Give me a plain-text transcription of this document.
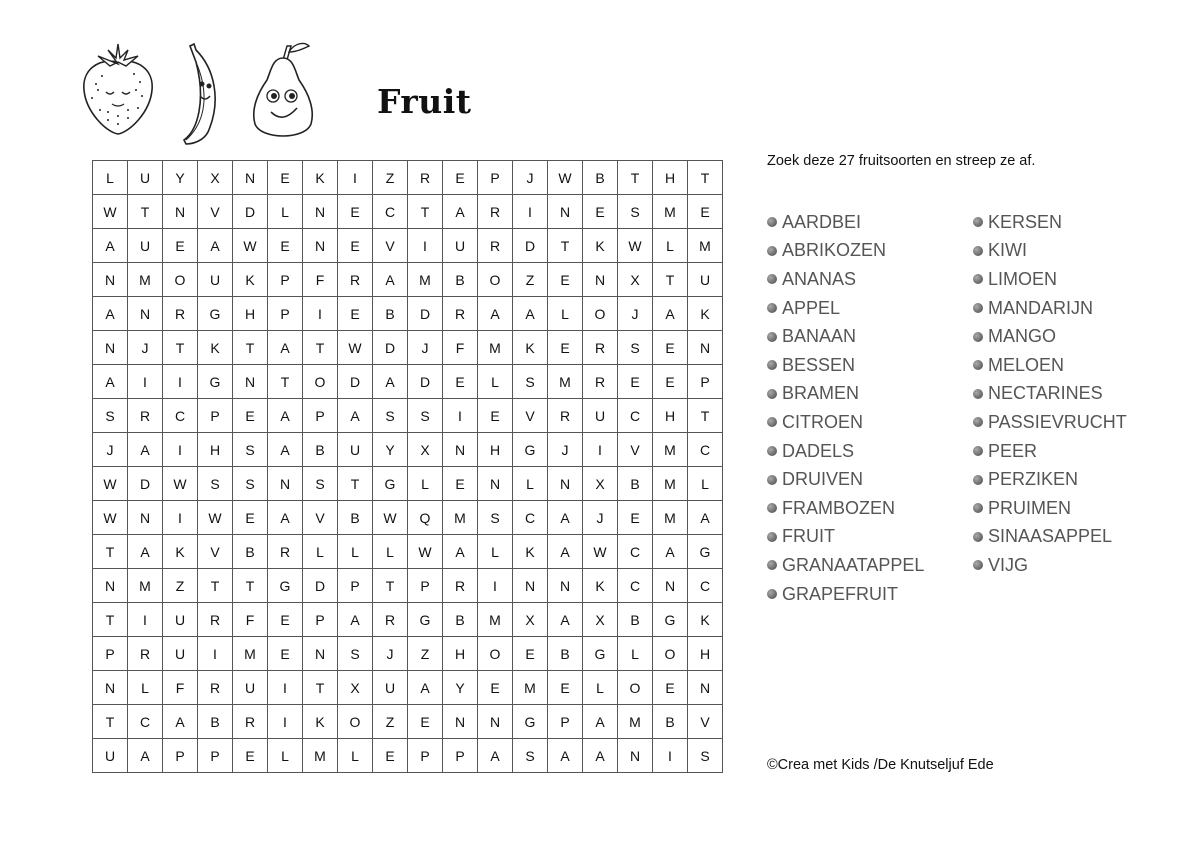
Fruit
L	U	Y	X	N	E	K	I	Z	R	E	P	J	W	B	T	H	T
W	T	N	V	D	L	N	E	C	T	A	R	I	N	E	S	M	E
A	U	E	A	W	E	N	E	V	I	U	R	D	T	K	W	L	M
N	M	O	U	K	P	F	R	A	M	B	O	Z	E	N	X	T	U
A	N	R	G	H	P	I	E	B	D	R	A	A	L	O	J	A	K
N	J	T	K	T	A	T	W	D	J	F	M	K	E	R	S	E	N
A	I	I	G	N	T	O	D	A	D	E	L	S	M	R	E	E	P
S	R	C	P	E	A	P	A	S	S	I	E	V	R	U	C	H	T
J	A	I	H	S	A	B	U	Y	X	N	H	G	J	I	V	M	C
W	D	W	S	S	N	S	T	G	L	E	N	L	N	X	B	M	L
W	N	I	W	E	A	V	B	W	Q	M	S	C	A	J	E	M	A
T	A	K	V	B	R	L	L	L	W	A	L	K	A	W	C	A	G
N	M	Z	T	T	G	D	P	T	P	R	I	N	N	K	C	N	C
T	I	U	R	F	E	P	A	R	G	B	M	X	A	X	B	G	K
P	R	U	I	M	E	N	S	J	Z	H	O	E	B	G	L	O	H
N	L	F	R	U	I	T	X	U	A	Y	E	M	E	L	O	E	N
T	C	A	B	R	I	K	O	Z	E	N	N	G	P	A	M	B	V
U	A	P	P	E	L	M	L	E	P	P	A	S	A	A	N	I	S
Zoek deze 27 fruitsoorten en streep ze af.
AARDBEI
ABRIKOZEN
ANANAS
APPEL
BANAAN
BESSEN
BRAMEN
CITROEN
DADELS
DRUIVEN
FRAMBOZEN
FRUIT
GRANAATAPPEL
GRAPEFRUIT
KERSEN
KIWI
LIMOEN
MANDARIJN
MANGO
MELOEN
NECTARINES
PASSIEVRUCHT
PEER
PERZIKEN
PRUIMEN
SINAASAPPEL
VIJG
©Crea met Kids /De Knutseljuf Ede
